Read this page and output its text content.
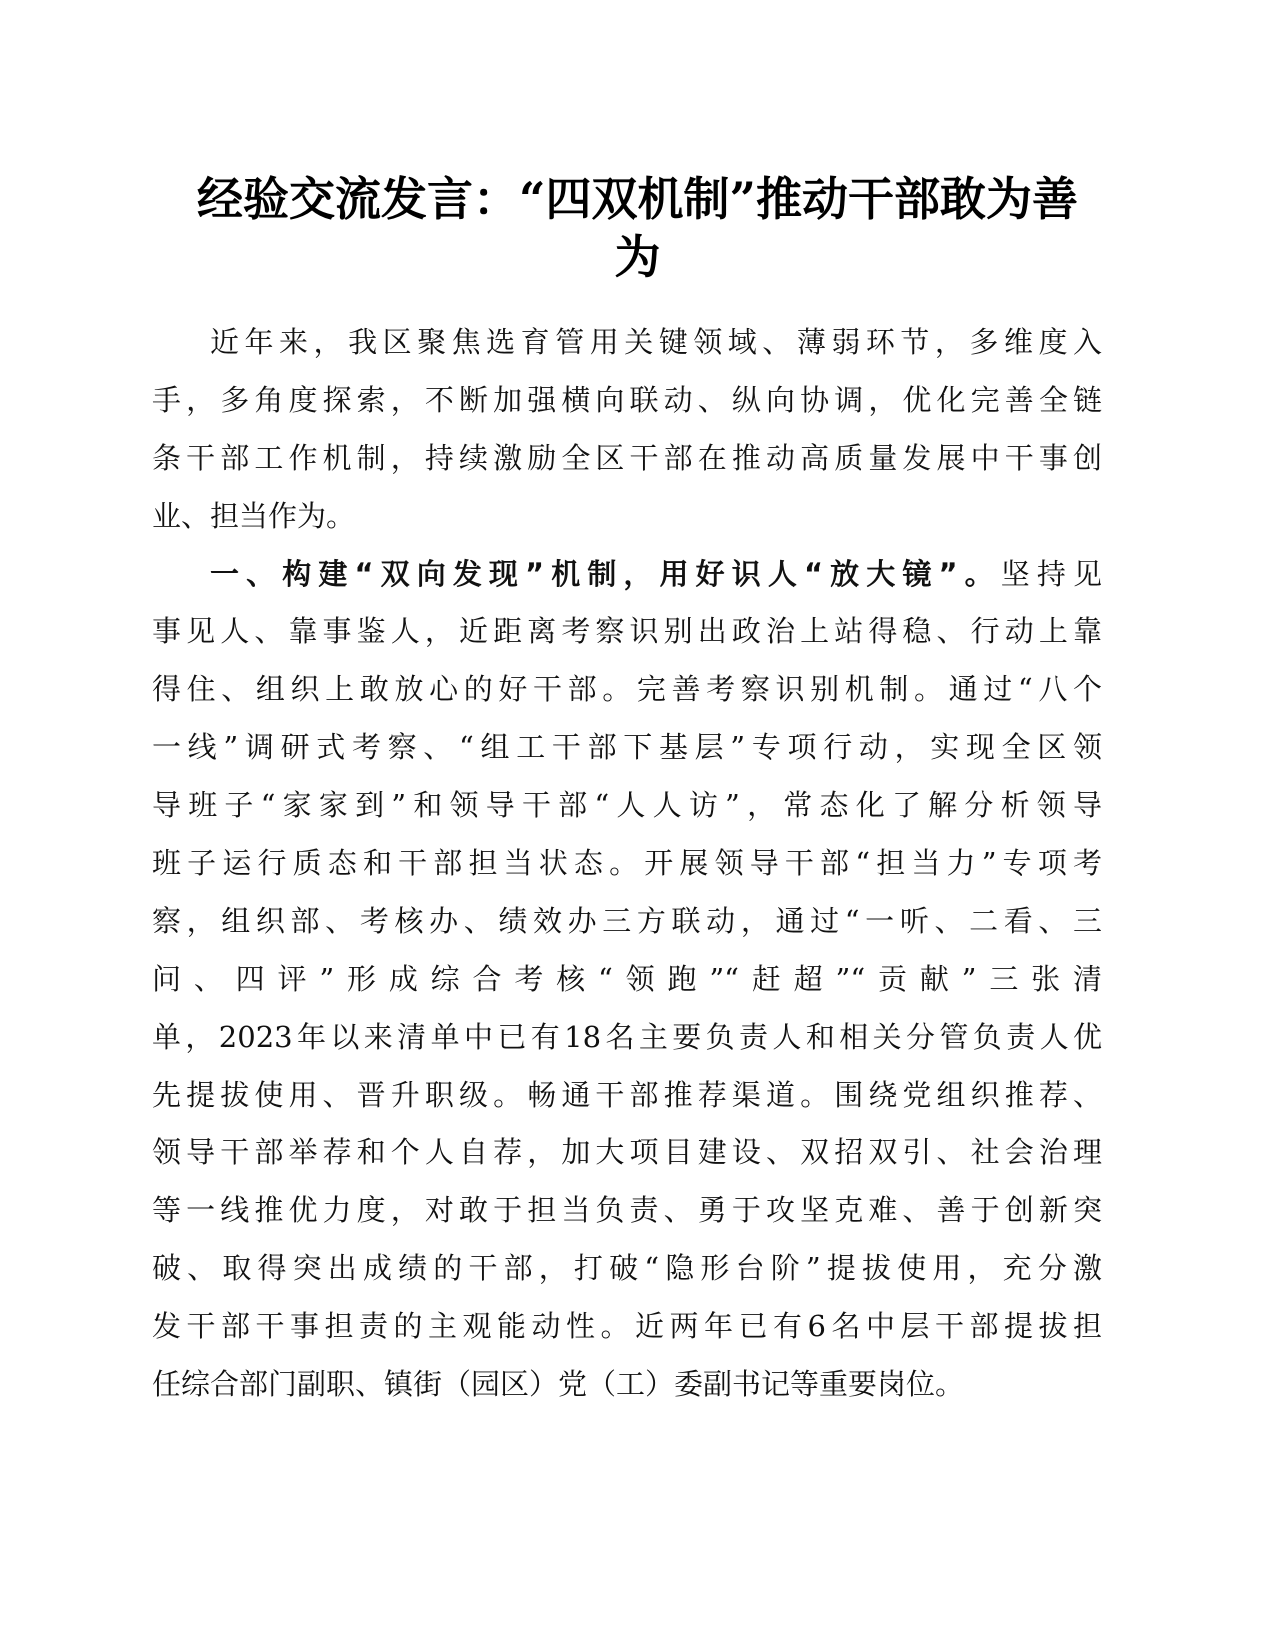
经验交流发言：“四双机制”推动干部敢为善
为
近年来，我区聚焦选育管用关键领域、薄弱环节，多维度入
手，多角度探索，不断加强横向联动、纵向协调，优化完善全链
条干部工作机制，持续激励全区干部在推动高质量发展中干事创
业、担当作为。
一、构建“双向发现”机制，用好识人“放大镜”。坚持见
事见人、靠事鉴人，近距离考察识别出政治上站得稳、行动上靠
得住、组织上敢放心的好干部。完善考察识别机制。通过“八个
一线”调研式考察、“组工干部下基层”专项行动，实现全区领
导班子“家家到”和领导干部“人人访”，常态化了解分析领导
班子运行质态和干部担当状态。开展领导干部“担当力”专项考
察，组织部、考核办、绩效办三方联动，通过“一听、二看、三
问、四评”形成综合考核“领跑”“赶超”“贡献”三张清
单，2023年以来清单中已有18名主要负责人和相关分管负责人优
先提拔使用、晋升职级。畅通干部推荐渠道。围绕党组织推荐、
领导干部举荐和个人自荐，加大项目建设、双招双引、社会治理
等一线推优力度，对敢于担当负责、勇于攻坚克难、善于创新突
破、取得突出成绩的干部，打破“隐形台阶”提拔使用，充分激
发干部干事担责的主观能动性。近两年已有6名中层干部提拔担
任综合部门副职、镇街（园区）党（工）委副书记等重要岗位。
